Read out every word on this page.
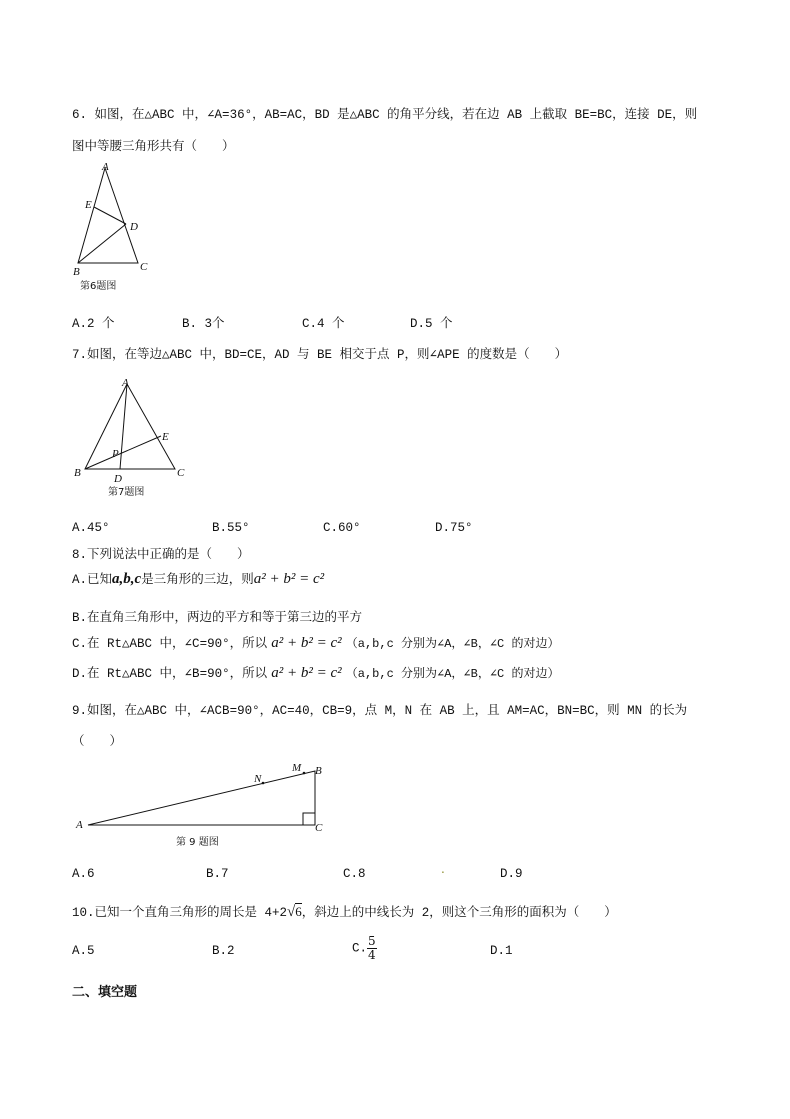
6. 如图，在△ABC 中，∠A=36°，AB=AC，BD 是△ABC 的角平分线，若在边 AB 上截取 BE=BC，连接 DE，则
图中等腰三角形共有（　　）
A
E
D
B	C
第6题图
A.2 个	B. 3个	C.4 个	D.5 个
7.如图，在等边△ABC 中，BD=CE，AD 与 BE 相交于点 P，则∠APE 的度数是（　　）
A
E
P
B	D	C
第7题图
A.45°	B.55°	C.60°	D.75°
8.下列说法中正确的是（　　）
A.已知a,b,c是三角形的三边，则a² + b² = c²
B.在直角三角形中，两边的平方和等于第三边的平方
C.在 Rt△ABC 中，∠C=90°，所以 a² + b² = c² （a,b,c 分别为∠A，∠B，∠C 的对边）
D.在 Rt△ABC 中，∠B=90°，所以 a² + b² = c² （a,b,c 分别为∠A，∠B，∠C 的对边）
9.如图，在△ABC 中，∠ACB=90°，AC=40，CB=9，点 M，N 在 AB 上，且 AM=AC，BN=BC，则 MN 的长为
（　　）
A
N
M B
C
第 9 题图
A.6	B.7	C.8	.	D.9
10.已知一个直角三角形的周长是 4+2√6，斜边上的中线长为 2，则这个三角形的面积为（　　）
A.5	B.2	C. $\frac{5}{4}$	D.1
二、填空题
